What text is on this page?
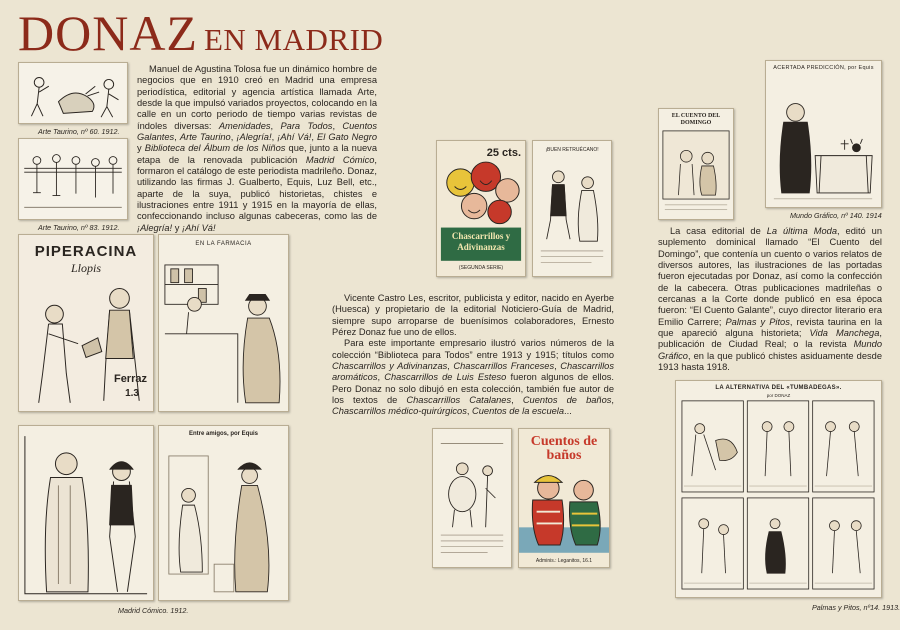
DONAZ EN MADRID
Arte Taurino, nº 60. 1912.
Arte Taurino, nº 83. 1912.

Manuel de Agustina Tolosa fue un dinámico hombre de negocios que en 1910 creó en Madrid una empresa periodística, editorial y agencia artística llamada Arte, desde la que impulsó variados proyectos, colocando en la calle en un corto periodo de tiempo varias revistas de índoles diversas: Amenidades, Para Todos, Cuentos Galantes, Arte Taurino, ¡Alegría!, ¡Ahí Vá!, El Gato Negro y Biblioteca del Álbum de los Niños que, junto a la nueva etapa de la renovada publicación Madrid Cómico, formaron el catálogo de este periodista madrileño. Donaz, utilizando las firmas J. Gualberto, Equis, Luz Bell, etc., aparte de la suya, publicó historietas, chistes e ilustraciones entre 1911 y 1915 en la mayoría de ellas, confeccionando incluso algunas cabeceras, como las de ¡Alegría! y ¡Ahí Vá!

PIPERACINA
Llopis
Ferraz
1.3
EN LA FARMACIA
Entre amigos, por Equis
Madrid Cómico. 1912.
25 cts.
Chascarrillos y Adivinanzas
(SEGUNDA SERIE)
¡BUEN RETRUÉCANO!

Vicente Castro Les, escritor, publicista y editor, nacido en Ayerbe (Huesca) y propietario de la editorial Noticiero-Guía de Madrid, siempre supo arroparse de buenísimos colaboradores, Ernesto Pérez Donaz fue uno de ellos.

Para este importante empresario ilustró varios números de la colección “Biblioteca para Todos” entre 1913 y 1915; títulos como Chascarrillos y Adivinanzas, Chascarrillos Franceses, Chascarrillos aromáticos, Chascarrillos de Luis Esteso fueron algunos de ellos. Pero Donaz no solo dibujó en esta colección, también fue autor de los textos de Chascarrillos Catalanes, Cuentos de baños, Chascarrillos médico-quirúrgicos, Cuentos de la escuela...

Cuentos de baños
Adminis.: Leganitos, 16.1
EL CUENTO DEL DOMINGO
ACERTADA PREDICCIÓN, por Equis
Mundo Gráfico, nº 140. 1914

La casa editorial de La última Moda, editó un suplemento dominical llamado “El Cuento del Domingo”, que contenía un cuento o varios relatos de diversos autores, las ilustraciones de las portadas fueron ejecutadas por Donaz, así como la confección de la cabecera. Otras publicaciones madrileñas o cercanas a la Corte donde publicó en esa época fueron: “El Cuento Galante”, cuyo director literario era Emilio Carrere; Palmas y Pitos, revista taurina en la que apareció alguna historieta; Vida Manchega, publicación de Ciudad Real; o la revista Mundo Gráfico, en la que publicó chistes asiduamente desde 1913 hasta 1918.

LA ALTERNATIVA DEL «TUMBADEGAS».
por DONAZ
Palmas y Pitos, nº14. 1913.
